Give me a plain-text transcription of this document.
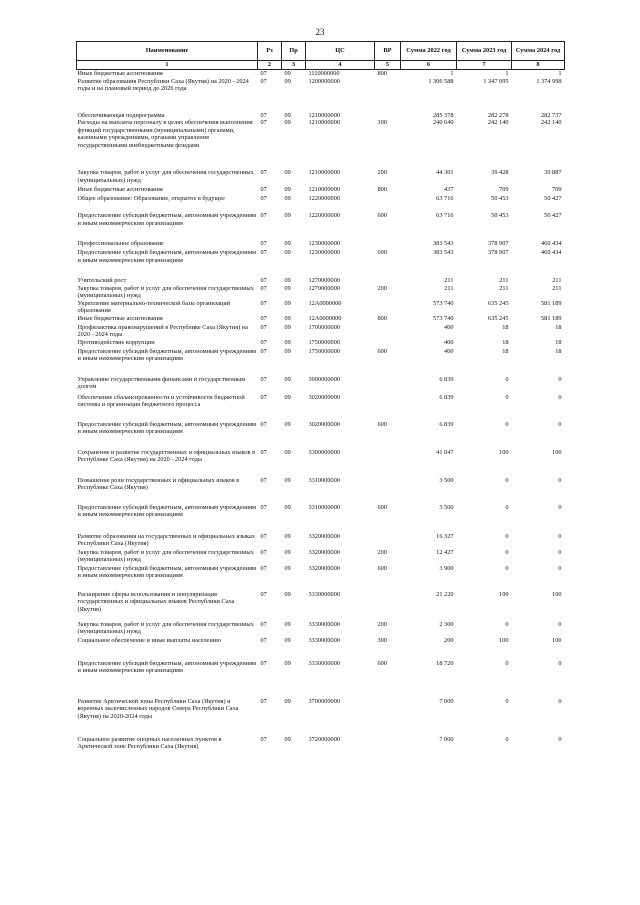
23
Наименование	Рз	Пр	ЦС	ВР	Сумма 2022 год	Сумма 2023 год	Сумма 2024 год
1	2	3	4	5	6	7	8
Иные бюджетные ассигнования	07	09	1110000000	800	1	1	1
Развитие образования Республики Саха (Якутия) на 2020 - 2024 годы и на плановый период до 2026 года	07	09	1200000000		1 306 588	1 347 095	1 374 998
Обеспечивающая подпрограмма	07	09	1210000000		285 378	282 278	282 737
Расходы на выплаты персоналу в целях обеспечения выполнения функций государственными (муниципальными) органами, казенными учреждениями, органами управления государственными внебюджетными фондами	07	09	1210000000	100	240 640	242 140	242 140
Закупка товаров, работ и услуг для обеспечения государственных (муниципальных) нужд	07	09	1210000000	200	44 301	39 428	39 887
Иные бюджетные ассигнования	07	09	1210000000	800	437	709	709
Общее образование: Образование, открытое в будущее	07	09	1220000000		63 716	50 453	50 427
Предоставление субсидий бюджетным, автономным учреждениям и иным некоммерческим организациям	07	09	1220000000	600	63 716	50 453	50 427
Профессиональное образование	07	09	1230000000		383 543	378 907	460 434
Предоставление субсидий бюджетным, автономным учреждениям и иным некоммерческим организациям	07	09	1230000000	600	383 543	378 907	460 434
Учительский рост	07	09	1270000000		211	211	211
Закупка товаров, работ и услуг для обеспечения государственных (муниципальных) нужд	07	09	1270000000	200	211	211	211
Укрепление материально-технической базы организаций образования	07	09	12А0000000		573 740	635 245	581 189
Иные бюджетные ассигнования	07	09	12А0000000	800	573 740	635 245	581 189
Профилактика правонарушений в Республике Саха (Якутия) на 2020 - 2024 годы	07	09	1700000000		400	18	18
Противодействие коррупции	07	09	1750000000		400	18	18
Предоставление субсидий бюджетным, автономным учреждениям и иным некоммерческим организациям	07	09	1750000000	600	400	18	18
Управление государственными финансами и государственным долгом	07	09	3000000000		6 839	0	0
Обеспечение сбалансированности и устойчивости бюджетной системы и организация бюджетного процесса	07	09	3020000000		6 839	0	0
Предоставление субсидий бюджетным, автономным учреждениям и иным некоммерческим организациям	07	09	3020000000	600	6 839	0	0
Сохранение и развитие государственных и официальных языков в Республике Саха (Якутия) на 2020 - 2024 годы	07	09	3300000000		41 047	100	100
Повышение роли государственных и официальных языков в Республике Саха (Якутия)	07	09	3310000000		3 500	0	0
Предоставление субсидий бюджетным, автономным учреждениям и иным некоммерческим организациям	07	09	3310000000	600	3 500	0	0
Развитие образования на государственных и официальных языках Республики Саха (Якутия)	07	09	3320000000		16 327	0	0
Закупка товаров, работ и услуг для обеспечения государственных (муниципальных) нужд	07	09	3320000000	200	12 427	0	0
Предоставление субсидий бюджетным, автономным учреждениям и иным некоммерческим организациям	07	09	3320000000	600	3 900	0	0
Расширение сферы использования и популяризация государственных и официальных языков Республики Саха (Якутия)	07	09	3330000000		21 220	100	100
Закупка товаров, работ и услуг для обеспечения государственных (муниципальных) нужд	07	09	3330000000	200	2 300	0	0
Социальное обеспечение и иные выплаты населению	07	09	3330000000	300	200	100	100
Предоставление субсидий бюджетным, автономным учреждениям и иным некоммерческим организациям	07	09	3330000000	600	18 720	0	0
Развитие Арктической зоны Республики Саха (Якутия) и коренных малочисленных народов Севера Республики Саха (Якутия) на 2020-2024 годы	07	09	3700000000		7 000	0	0
Социальное развитие опорных населенных пунктов в Арктической зоне Республики Саха (Якутия)	07	09	3720000000		7 000	0	0
